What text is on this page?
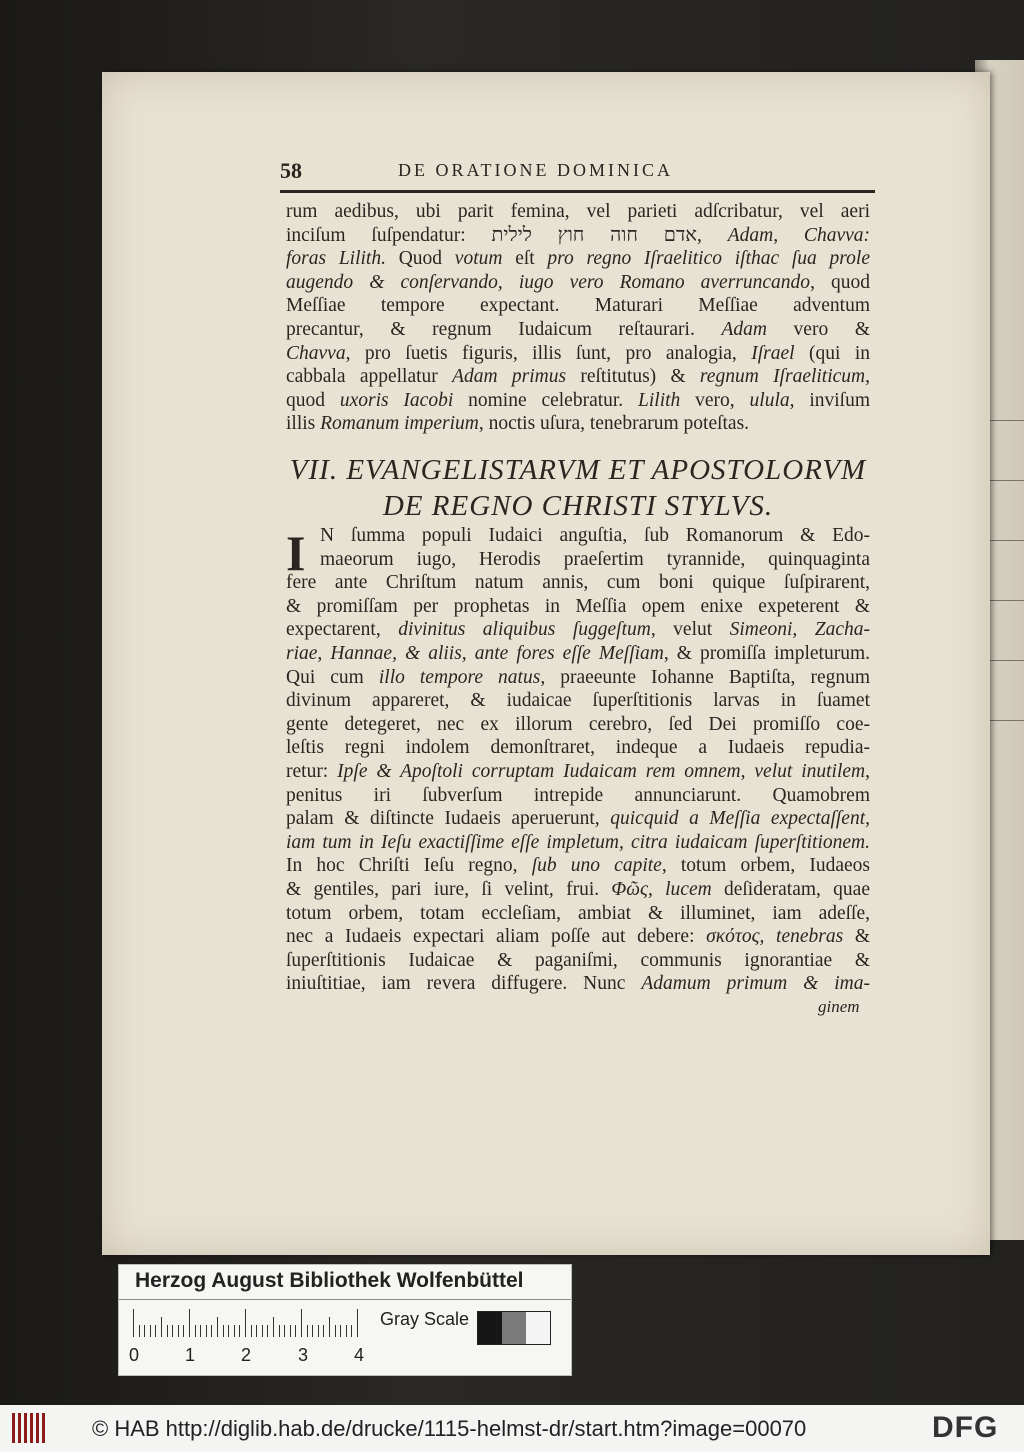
58	DE ORATIONE DOMINICA
rum aedibus, ubi parit femina, vel parieti adſcribatur, vel aeri
inciſum ſuſpendatur: אדם חוה חוץ לילית, Adam, Chavva:
foras Lilith. Quod votum eſt pro regno Iſraelitico iſthac ſua prole
augendo & conſervando, iugo vero Romano averruncando, quod
Meſſiae tempore expectant. Maturari Meſſiae adventum
precantur, & regnum Iudaicum reſtaurari. Adam vero &
Chavva, pro ſuetis figuris, illis ſunt, pro analogia, Iſrael (qui in
cabbala appellatur Adam primus reſtitutus) & regnum Iſraeliticum,
quod uxoris Iacobi nomine celebratur. Lilith vero, ulula, inviſum
illis Romanum imperium, noctis uſura, tenebrarum poteſtas.
VII. EVANGELISTARVM ET APOSTOLORVM
DE REGNO CHRISTI STYLVS.
I N ſumma populi Iudaici anguſtia, ſub Romanorum & Edo-
maeorum iugo, Herodis praeſertim tyrannide, quinquaginta
fere ante Chriſtum natum annis, cum boni quique ſuſpirarent,
& promiſſam per prophetas in Meſſia opem enixe expeterent &
expectarent, divinitus aliquibus ſuggeſtum, velut Simeoni, Zacha-
riae, Hannae, & aliis, ante fores eſſe Meſſiam, & promiſſa impleturum.
Qui cum illo tempore natus, praeeunte Iohanne Baptiſta, regnum
divinum appareret, & iudaicae ſuperſtitionis larvas in ſuamet
gente detegeret, nec ex illorum cerebro, ſed Dei promiſſo coe-
leſtis regni indolem demonſtraret, indeque a Iudaeis repudia-
retur: Ipſe & Apoſtoli corruptam Iudaicam rem omnem, velut inutilem,
penitus iri ſubverſum intrepide annunciarunt. Quamobrem
palam & diſtincte Iudaeis aperuerunt, quicquid a Meſſia expectaſſent,
iam tum in Ieſu exactiſſime eſſe impletum, citra iudaicam ſuperſtitionem.
In hoc Chriſti Ieſu regno, ſub uno capite, totum orbem, Iudaeos
& gentiles, pari iure, ſi velint, frui. Φῶς, lucem deſideratam, quae
totum orbem, totam eccleſiam, ambiat & illuminet, iam adeſſe,
nec a Iudaeis expectari aliam poſſe aut debere: σκότος, tenebras &
ſuperſtitionis Iudaicae & paganiſmi, communis ignorantiae &
iniuſtitiae, iam revera diffugere. Nunc Adamum primum & ima-
ginem
Herzog August Bibliothek Wolfenbüttel
0	1	2	3	4
Gray Scale
© HAB http://diglib.hab.de/drucke/1115-helmst-dr/start.htm?image=00070	DFG
